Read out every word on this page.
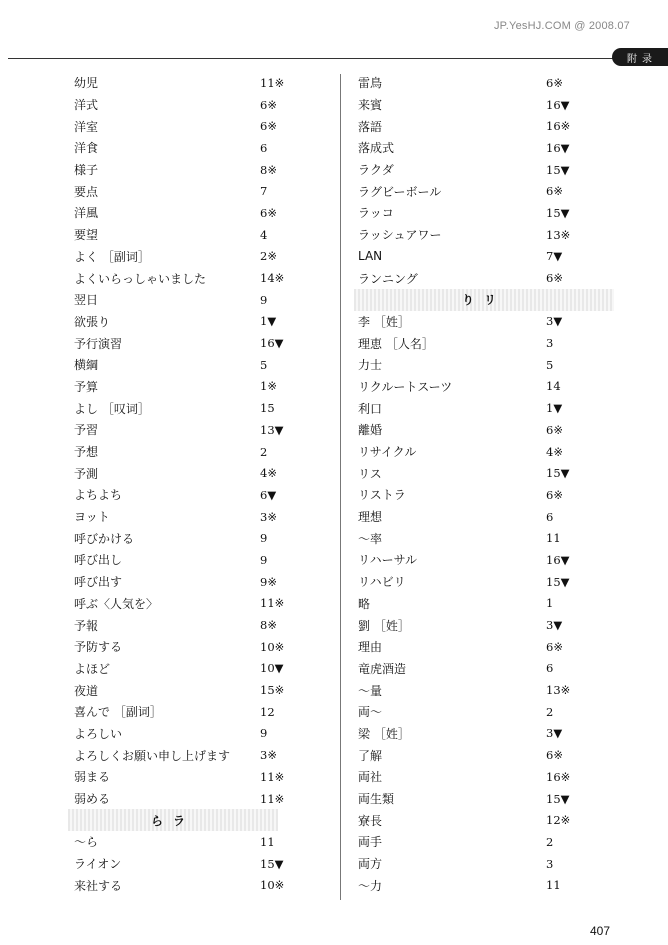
JP.YesHJ.COM @ 2008.07
附录
幼児	11※
洋式	6※
洋室	6※
洋食	6
様子	8※
要点	7
洋風	6※
要望	4
よく ［副词］	2※
よくいらっしゃいました	14※
翌日	9
欲張り	1▼
予行演習	16▼
横綱	5
予算	1※
よし ［叹词］	15
予習	13▼
予想	2
予測	4※
よちよち	6▼
ヨット	3※
呼びかける	9
呼び出し	9
呼び出す	9※
呼ぶ〈人気を〉	11※
予報	8※
予防する	10※
よほど	10▼
夜道	15※
喜んで ［副词］	12
よろしい	9
よろしくお願い申し上げます	3※
弱まる	11※
弱める	11※
らラ
～ら	11
ライオン	15▼
来社する	10※
雷鳥	6※
来賓	16▼
落語	16※
落成式	16▼
ラクダ	15▼
ラグビーボール	6※
ラッコ	15▼
ラッシュアワー	13※
LAN	7▼
ランニング	6※
りリ
李 ［姓］	3▼
理恵 ［人名］	3
力士	5
リクルートスーツ	14
利口	1▼
離婚	6※
リサイクル	4※
リス	15▼
リストラ	6※
理想	6
～率	11
リハーサル	16▼
リハビリ	15▼
略	1
劉 ［姓］	3▼
理由	6※
竜虎酒造	6
～量	13※
両～	2
梁 ［姓］	3▼
了解	6※
両社	16※
両生類	15▼
寮長	12※
両手	2
両方	3
～力	11
407
